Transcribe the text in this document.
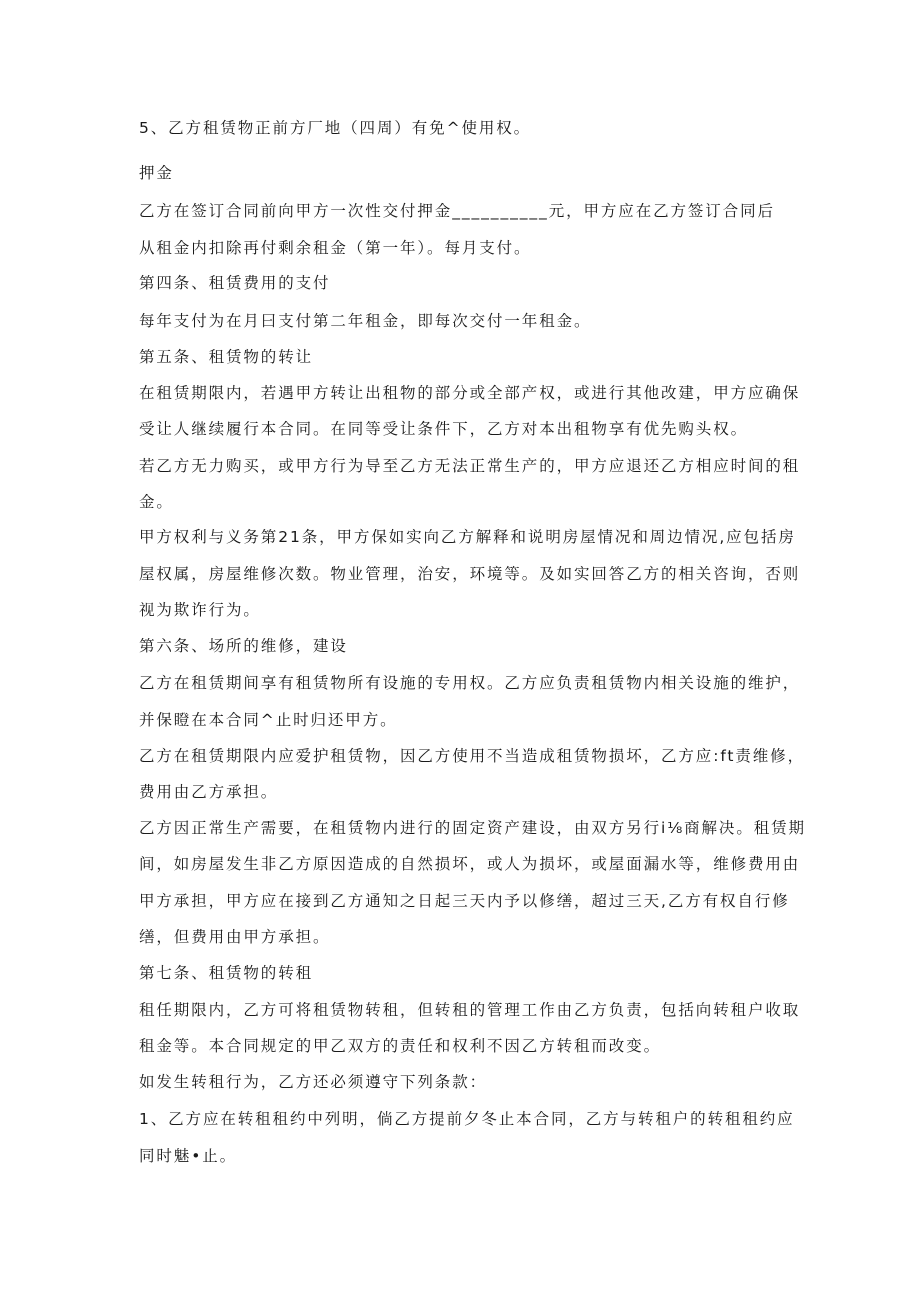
5、乙方租赁物正前方厂地（四周）有免^使用权。

押金

乙方在签订合同前向甲方一次性交付押金__________元，甲方应在乙方签订合同后

从租金内扣除再付剩余租金（第一年）。每月支付。

第四条、租赁费用的支付

每年支付为在月曰支付第二年租金，即每次交付一年租金。

第五条、租赁物的转让

在租赁期限内，若遇甲方转让出租物的部分或全部产权，或进行其他改建，甲方应确保

受让人继续履行本合同。在同等受让条件下，乙方对本出租物享有优先购头权。

若乙方无力购买，或甲方行为导至乙方无法正常生产的，甲方应退还乙方相应时间的租

金。

甲方权利与义务第21条，甲方保如实向乙方解释和说明房屋情况和周边情况,应包括房

屋权属，房屋维修次数。物业管理，治安，环境等。及如实回答乙方的相关咨询，否则

视为欺诈行为。

第六条、场所的维修，建设

乙方在租赁期间享有租赁物所有设施的专用权。乙方应负责租赁物内相关设施的维护，

并保瞪在本合同^止时归还甲方。

乙方在租赁期限内应爱护租赁物，因乙方使用不当造成租赁物损坏，乙方应:ft责维修，

费用由乙方承担。

乙方因正常生产需要，在租赁物内进行的固定资产建设，由双方另行i⅛商解决。租赁期

间，如房屋发生非乙方原因造成的自然损坏，或人为损坏，或屋面漏水等，维修费用由

甲方承担，甲方应在接到乙方通知之日起三天内予以修缮，超过三天,乙方有权自行修

缮，但费用由甲方承担。

第七条、租赁物的转租

租任期限内，乙方可将租赁物转租，但转租的管理工作由乙方负责，包括向转租户收取

租金等。本合同规定的甲乙双方的责任和权利不因乙方转租而改变。

如发生转租行为，乙方还必须遵守下列条款：

1、乙方应在转租租约中列明，倘乙方提前夕冬止本合同，乙方与转租户的转租租约应

同时魅•止。
